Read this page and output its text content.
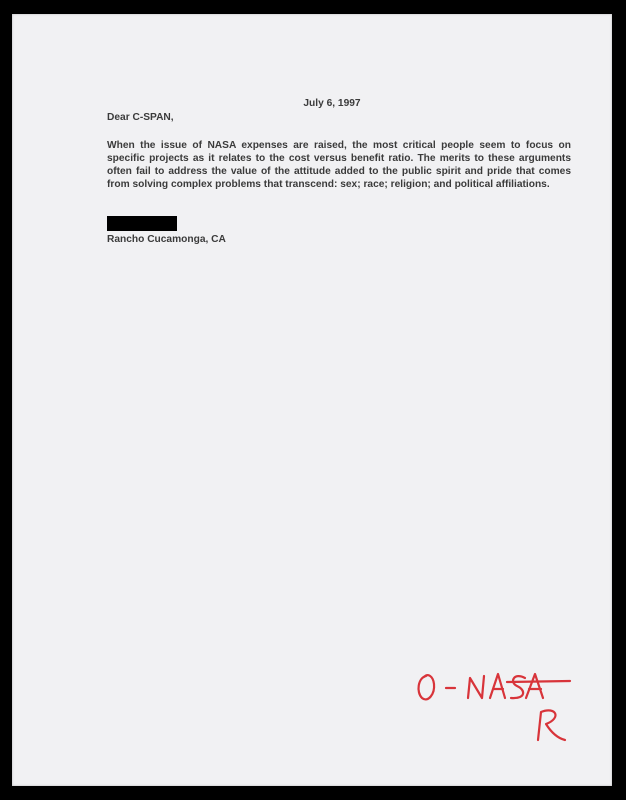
July 6, 1997
Dear C-SPAN,

When the issue of NASA expenses are raised, the most critical people seem to focus on specific projects as it relates to the cost versus benefit ratio. The merits to these arguments often fail to address the value of the attitude added to the public spirit and pride that comes from solving complex problems that transcend: sex; race; religion; and political affiliations.

Rancho Cucamonga, CA
